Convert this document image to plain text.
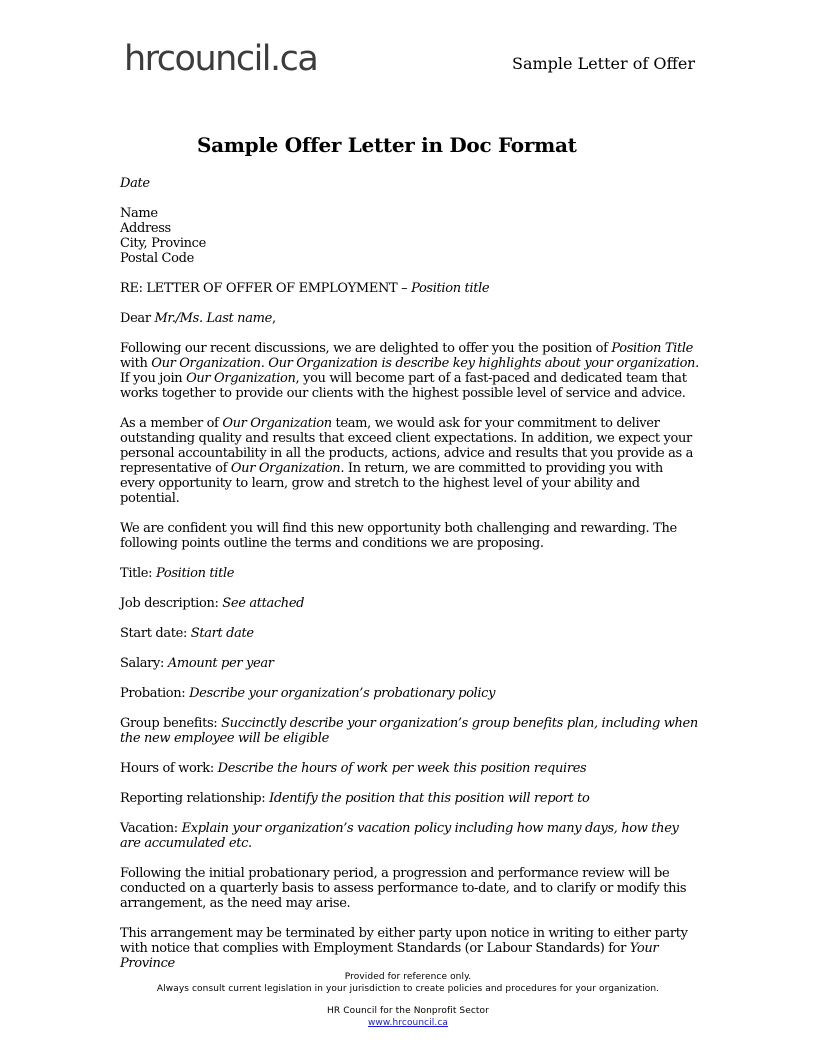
hrcouncil.ca	Sample Letter of Offer
Sample Offer Letter in Doc Format

Date

Name

Address

City, Province

Postal Code

RE: LETTER OF OFFER OF EMPLOYMENT – Position title

Dear Mr./Ms. Last name,

Following our recent discussions, we are delighted to offer you the position of Position Title with Our Organization. Our Organization is describe key highlights about your organization. If you join Our Organization, you will become part of a fast-paced and dedicated team that works together to provide our clients with the highest possible level of service and advice.

As a member of Our Organization team, we would ask for your commitment to deliver outstanding quality and results that exceed client expectations. In addition, we expect your personal accountability in all the products, actions, advice and results that you provide as a representative of Our Organization. In return, we are committed to providing you with every opportunity to learn, grow and stretch to the highest level of your ability and potential.

We are confident you will find this new opportunity both challenging and rewarding. The following points outline the terms and conditions we are proposing.

Title: Position title

Job description: See attached

Start date: Start date

Salary: Amount per year

Probation: Describe your organization’s probationary policy

Group benefits: Succinctly describe your organization’s group benefits plan, including when the new employee will be eligible

Hours of work: Describe the hours of work per week this position requires

Reporting relationship: Identify the position that this position will report to

Vacation: Explain your organization’s vacation policy including how many days, how they are accumulated etc.

Following the initial probationary period, a progression and performance review will be conducted on a quarterly basis to assess performance to-date, and to clarify or modify this arrangement, as the need may arise.

This arrangement may be terminated by either party upon notice in writing to either party with notice that complies with Employment Standards (or Labour Standards) for Your Province

Provided for reference only.
Always consult current legislation in your jurisdiction to create policies and procedures for your organization.
HR Council for the Nonprofit Sector
www.hrcouncil.ca
